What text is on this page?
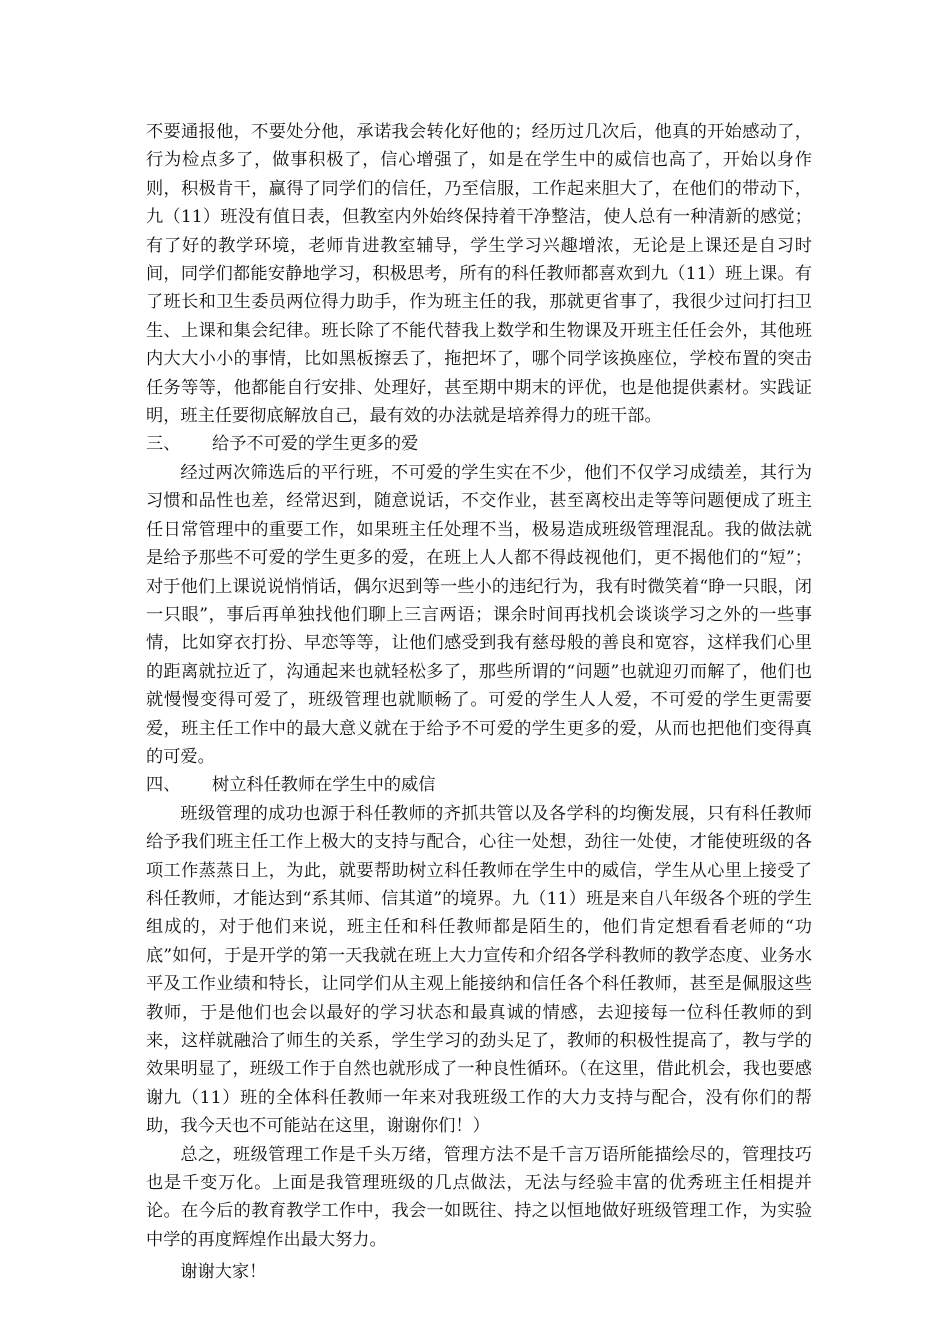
不要通报他，不要处分他，承诺我会转化好他的；经历过几次后，他真的开始感动了，行为检点多了，做事积极了，信心增强了，如是在学生中的威信也高了，开始以身作则，积极肯干，赢得了同学们的信任，乃至信服，工作起来胆大了，在他们的带动下，九（11）班没有值日表，但教室内外始终保持着干净整洁，使人总有一种清新的感觉；有了好的教学环境，老师肯进教室辅导，学生学习兴趣增浓，无论是上课还是自习时间，同学们都能安静地学习，积极思考，所有的科任教师都喜欢到九（11）班上课。有了班长和卫生委员两位得力助手，作为班主任的我，那就更省事了，我很少过问打扫卫生、上课和集会纪律。班长除了不能代替我上数学和生物课及开班主任任会外，其他班内大大小小的事情，比如黑板擦丢了，拖把坏了，哪个同学该换座位，学校布置的突击任务等等，他都能自行安排、处理好，甚至期中期末的评优，也是他提供素材。实践证明，班主任要彻底解放自己，最有效的办法就是培养得力的班干部。

三、	给予不可爱的学生更多的爱

经过两次筛选后的平行班，不可爱的学生实在不少，他们不仅学习成绩差，其行为习惯和品性也差，经常迟到，随意说话，不交作业，甚至离校出走等等问题便成了班主任日常管理中的重要工作，如果班主任处理不当，极易造成班级管理混乱。我的做法就是给予那些不可爱的学生更多的爱，在班上人人都不得歧视他们，更不揭他们的“短”；对于他们上课说说悄悄话，偶尔迟到等一些小的违纪行为，我有时微笑着“睁一只眼，闭一只眼”，事后再单独找他们聊上三言两语；课余时间再找机会谈谈学习之外的一些事情，比如穿衣打扮、早恋等等，让他们感受到我有慈母般的善良和宽容，这样我们心里的距离就拉近了，沟通起来也就轻松多了，那些所谓的“问题”也就迎刃而解了，他们也就慢慢变得可爱了，班级管理也就顺畅了。可爱的学生人人爱，不可爱的学生更需要爱，班主任工作中的最大意义就在于给予不可爱的学生更多的爱，从而也把他们变得真的可爱。

四、	树立科任教师在学生中的威信

班级管理的成功也源于科任教师的齐抓共管以及各学科的均衡发展，只有科任教师给予我们班主任工作上极大的支持与配合，心往一处想，劲往一处使，才能使班级的各项工作蒸蒸日上，为此，就要帮助树立科任教师在学生中的威信，学生从心里上接受了科任教师，才能达到“系其师、信其道”的境界。九（11）班是来自八年级各个班的学生组成的，对于他们来说，班主任和科任教师都是陌生的，他们肯定想看看老师的“功底”如何，于是开学的第一天我就在班上大力宣传和介绍各学科教师的教学态度、业务水平及工作业绩和特长，让同学们从主观上能接纳和信任各个科任教师，甚至是佩服这些教师，于是他们也会以最好的学习状态和最真诚的情感，去迎接每一位科任教师的到来，这样就融洽了师生的关系，学生学习的劲头足了，教师的积极性提高了，教与学的效果明显了，班级工作于自然也就形成了一种良性循环。（在这里，借此机会，我也要感谢九（11）班的全体科任教师一年来对我班级工作的大力支持与配合，没有你们的帮助，我今天也不可能站在这里，谢谢你们！）

总之，班级管理工作是千头万绪，管理方法不是千言万语所能描绘尽的，管理技巧也是千变万化。上面是我管理班级的几点做法，无法与经验丰富的优秀班主任相提并论。在今后的教育教学工作中，我会一如既往、持之以恒地做好班级管理工作，为实验中学的再度辉煌作出最大努力。

谢谢大家！
